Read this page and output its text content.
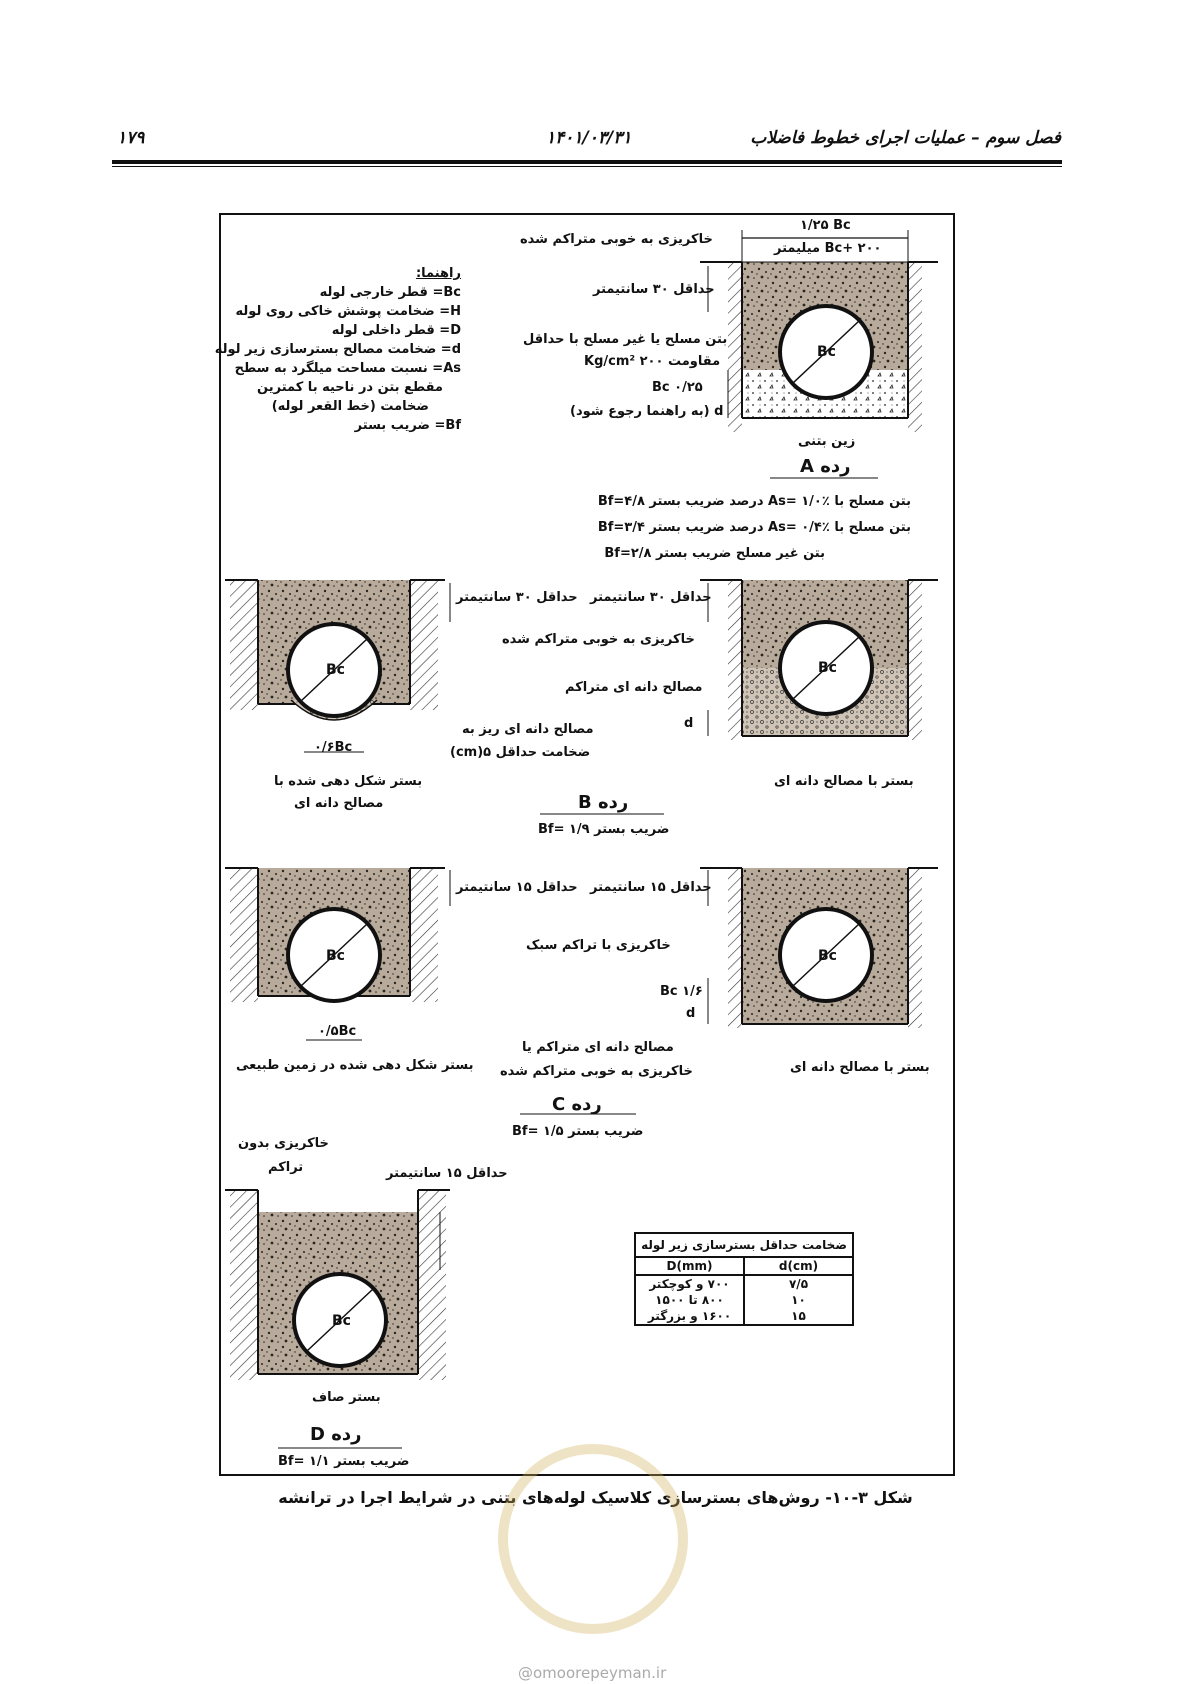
۱۷۹	۱۴۰۱/۰۳/۳۱	فصل سوم – عملیات اجرای خطوط فاضلاب
راهنما:
Bc= قطر خارجی لوله
H= ضخامت پوشش خاکی روی لوله
D= قطر داخلی لوله
d= ضخامت مصالح بسترسازی زیر لوله
As= نسبت مساحت میلگرد به سطح
مقطع بتن در ناحیه با کمترین
ضخامت (خط القعر لوله)
Bf= ضریب بستر
۱/۲۵ Bc
Bc+ ۲۰۰ میلیمتر
خاکریزی به خوبی متراکم شده
حداقل ۳۰ سانتیمتر
بتن مسلح یا غیر مسلح با حداقل
مقاومت ۲۰۰ Kg/cm²
Bc
۰/۲۵ Bc
d (به راهنما رجوع شود)
زین بتنی
رده A
بتن مسلح با As= ۱/۰٪ درصد ضریب بستر Bf=۴/۸
بتن مسلح با As= ۰/۴٪ درصد ضریب بستر Bf=۳/۴
بتن غیر مسلح ضریب بستر Bf=۲/۸
حداقل ۳۰ سانتیمتر حداقل ۳۰ سانتیمتر
خاکریزی به خوبی متراکم شده
مصالح دانه ای متراکم
مصالح دانه ای ریز به
ضخامت حداقل ۵(cm)
۰/۶Bc
d
Bc	Bc
بستر شکل دهی شده با
مصالح دانه ای
بستر با مصالح دانه ای
رده B
ضریب بستر Bf= ۱/۹
حداقل ۱۵ سانتیمتر حداقل ۱۵ سانتیمتر
خاکریزی با تراکم سبک
۱/۶ Bc
d
۰/۵Bc
Bc	Bc
مصالح دانه ای متراکم یا
خاکریزی به خوبی متراکم شده
بستر شکل دهی شده در زمین طبیعی	بستر با مصالح دانه ای
رده C
ضریب بستر Bf= ۱/۵
خاکریزی بدون
تراکم	حداقل ۱۵ سانتیمتر
Bc
بستر صاف
رده D
ضریب بستر Bf= ۱/۱
ضخامت حداقل بسترسازی زیر لوله
D(mm)	d(cm)
۷۰۰ و کوچکتر	۷/۵
۸۰۰ تا ۱۵۰۰	۱۰
۱۶۰۰ و بزرگتر	۱۵
شکل ۳-۱۰- روش‌های بسترسازی کلاسیک لوله‌های بتنی در شرایط اجرا در ترانشه
@omoorepeyman.ir
